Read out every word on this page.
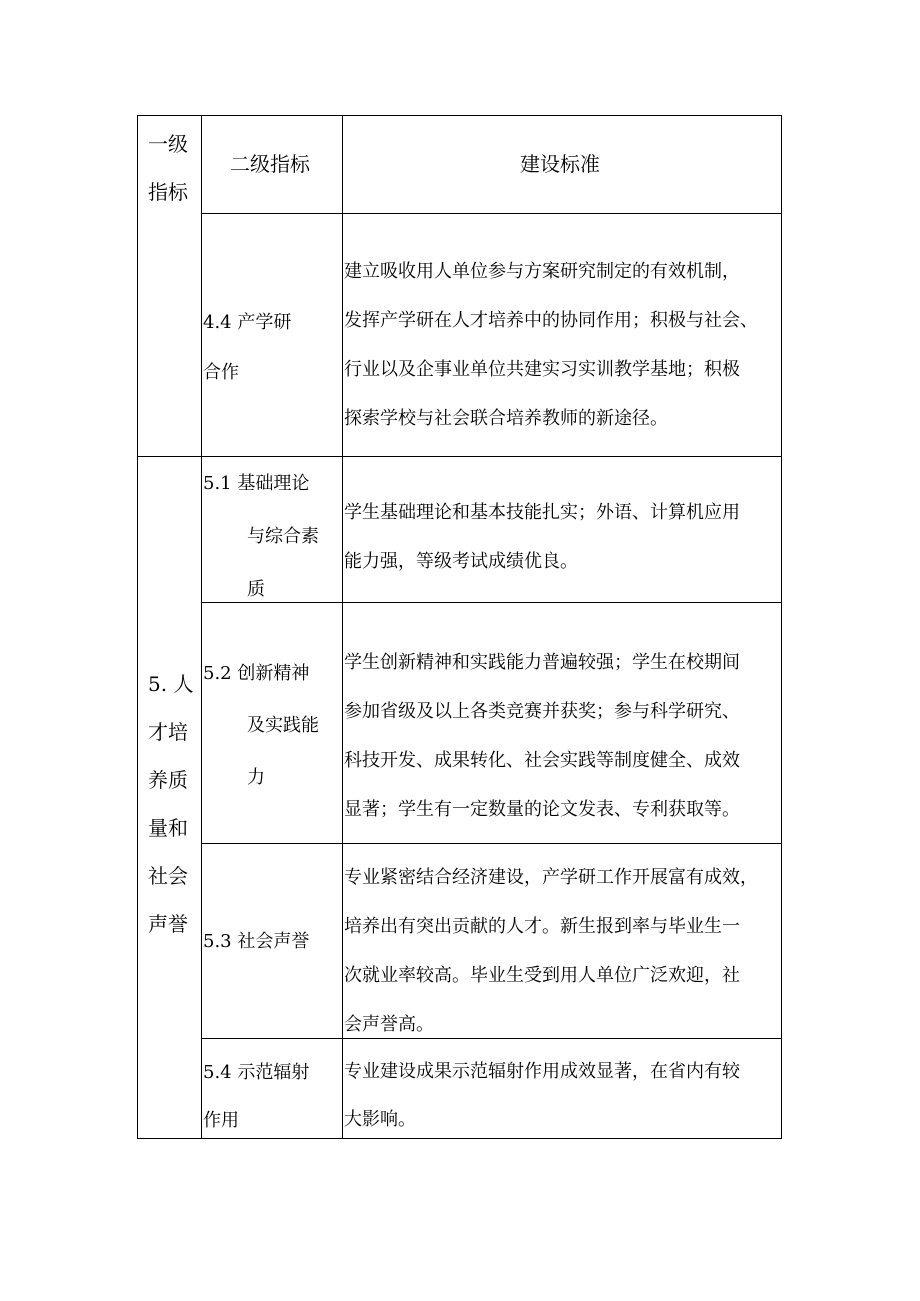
一级
指标
二级指标	建设标准
4.4 产学研
合作
建立吸收用人单位参与方案研究制定的有效机制，
发挥产学研在人才培养中的协同作用；积极与社会、
行业以及企事业单位共建实习实训教学基地；积极
探索学校与社会联合培养教师的新途径。
5. 人
才培
养质
量和
社会
声誉
5.1 基础理论
与综合素
质
学生基础理论和基本技能扎实；外语、计算机应用
能力强，等级考试成绩优良。
5.2 创新精神
及实践能
力
学生创新精神和实践能力普遍较强；学生在校期间
参加省级及以上各类竞赛并获奖；参与科学研究、
科技开发、成果转化、社会实践等制度健全、成效
显著；学生有一定数量的论文发表、专利获取等。
5.3 社会声誉
专业紧密结合经济建设，产学研工作开展富有成效，
培养出有突出贡献的人才。新生报到率与毕业生一
次就业率较高。毕业生受到用人单位广泛欢迎，社
会声誉高。
5.4 示范辐射
作用
专业建设成果示范辐射作用成效显著，在省内有较
大影响。
